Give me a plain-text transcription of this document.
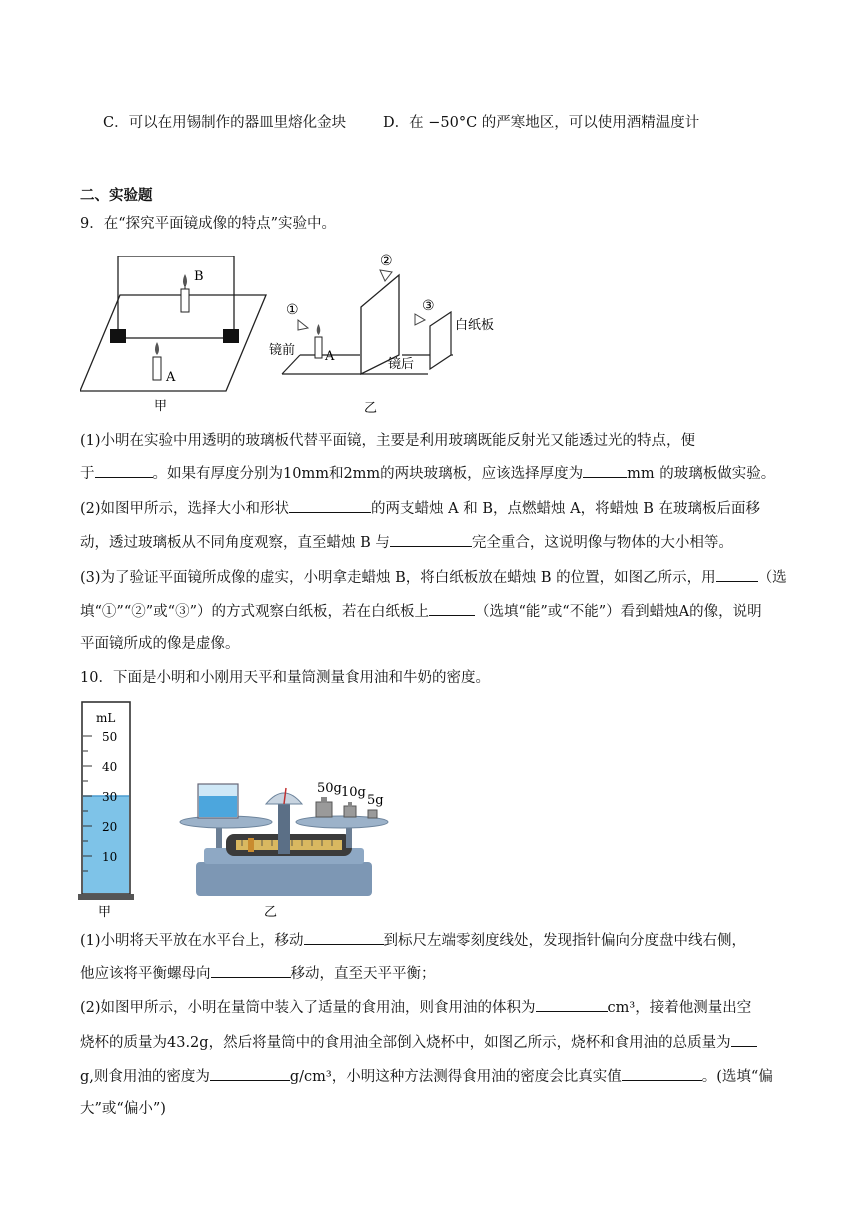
C．可以在用锡制作的器皿里熔化金块	D．在 −50°C 的严寒地区，可以使用酒精温度计
二、实验题
9．在“探究平面镜成像的特点”实验中。
B
A
甲
A
镜前
镜后
白纸板
①
②
③
乙
(1)小明在实验中用透明的玻璃板代替平面镜，主要是利用玻璃既能反射光又能透过光的特点，便
于	。如果有厚度分别为10mm和2mm的两块玻璃板，应该选择厚度为	mm 的玻璃板做实验。
(2)如图甲所示，选择大小和形状	的两支蜡烛 A 和 B，点燃蜡烛 A，将蜡烛 B 在玻璃板后面移
动，透过玻璃板从不同角度观察，直至蜡烛 B 与	完全重合，这说明像与物体的大小相等。
(3)为了验证平面镜所成像的虚实，小明拿走蜡烛 B，将白纸板放在蜡烛 B 的位置，如图乙所示，用	（选
填“①”“②”或“③”）的方式观察白纸板，若在白纸板上	（选填“能”或“不能”）看到蜡烛A的像，说明
平面镜所成的像是虚像。
10．下面是小明和小刚用天平和量筒测量食用油和牛奶的密度。
mL
50
40
30
20
10
甲
50g 10g
5g
乙
(1)小明将天平放在水平台上，移动	到标尺左端零刻度线处，发现指针偏向分度盘中线右侧，
他应该将平衡螺母向	移动，直至天平平衡；
(2)如图甲所示，小明在量筒中装入了适量的食用油，则食用油的体积为	cm³，接着他测量出空
烧杯的质量为43.2g，然后将量筒中的食用油全部倒入烧杯中，如图乙所示，烧杯和食用油的总质量为
g,则食用油的密度为	g/cm³，小明这种方法测得食用油的密度会比真实值	。(选填“偏
大”或“偏小”)
